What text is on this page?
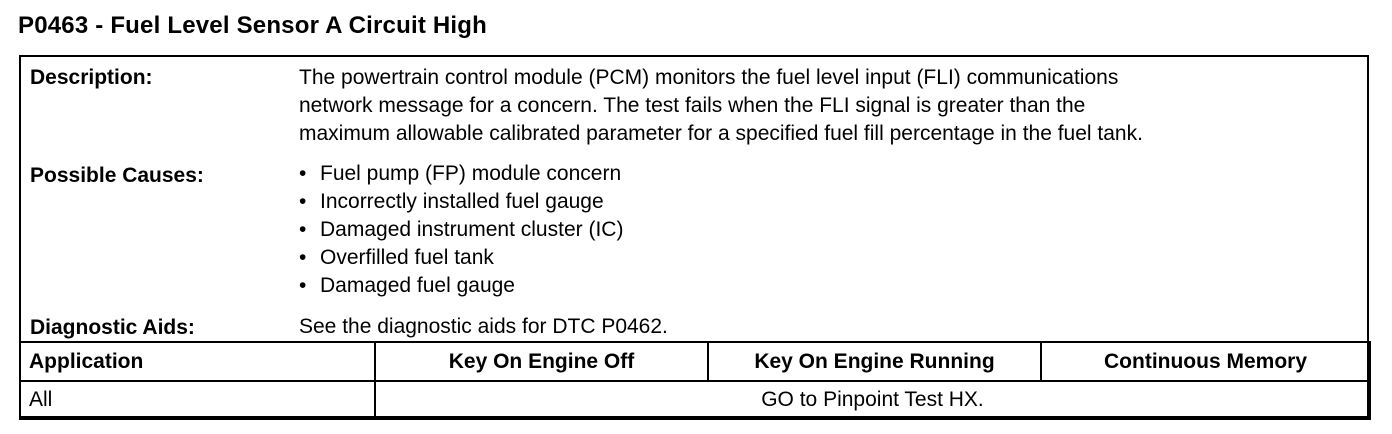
P0463 - Fuel Level Sensor A Circuit High
Description:	The powertrain control module (PCM) monitors the fuel level input (FLI) communications
network message for a concern. The test fails when the FLI signal is greater than the
maximum allowable calibrated parameter for a specified fuel fill percentage in the fuel tank.
Possible Causes:	• Fuel pump (FP) module concern
• Incorrectly installed fuel gauge
• Damaged instrument cluster (IC)
• Overfilled fuel tank
• Damaged fuel gauge
Diagnostic Aids:	See the diagnostic aids for DTC P0462.
Application	Key On Engine Off	Key On Engine Running	Continuous Memory
All	GO to Pinpoint Test HX.		
